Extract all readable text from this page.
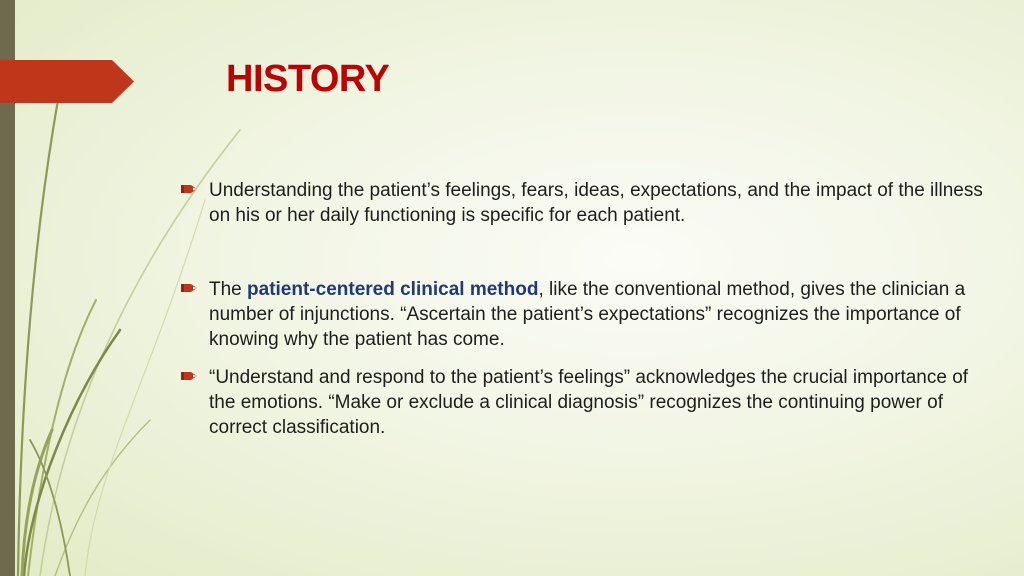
HISTORY
Understanding the patient’s feelings, fears, ideas, expectations, and the impact of the illness on his or her daily functioning is specific for each patient.
The patient-centered clinical method, like the conventional method, gives the clinician a number of injunctions. “Ascertain the patient’s expectations” recognizes the importance of knowing why the patient has come.
“Understand and respond to the patient’s feelings” acknowledges the crucial importance of the emotions. “Make or exclude a clinical diagnosis” recognizes the continuing power of correct classification.
